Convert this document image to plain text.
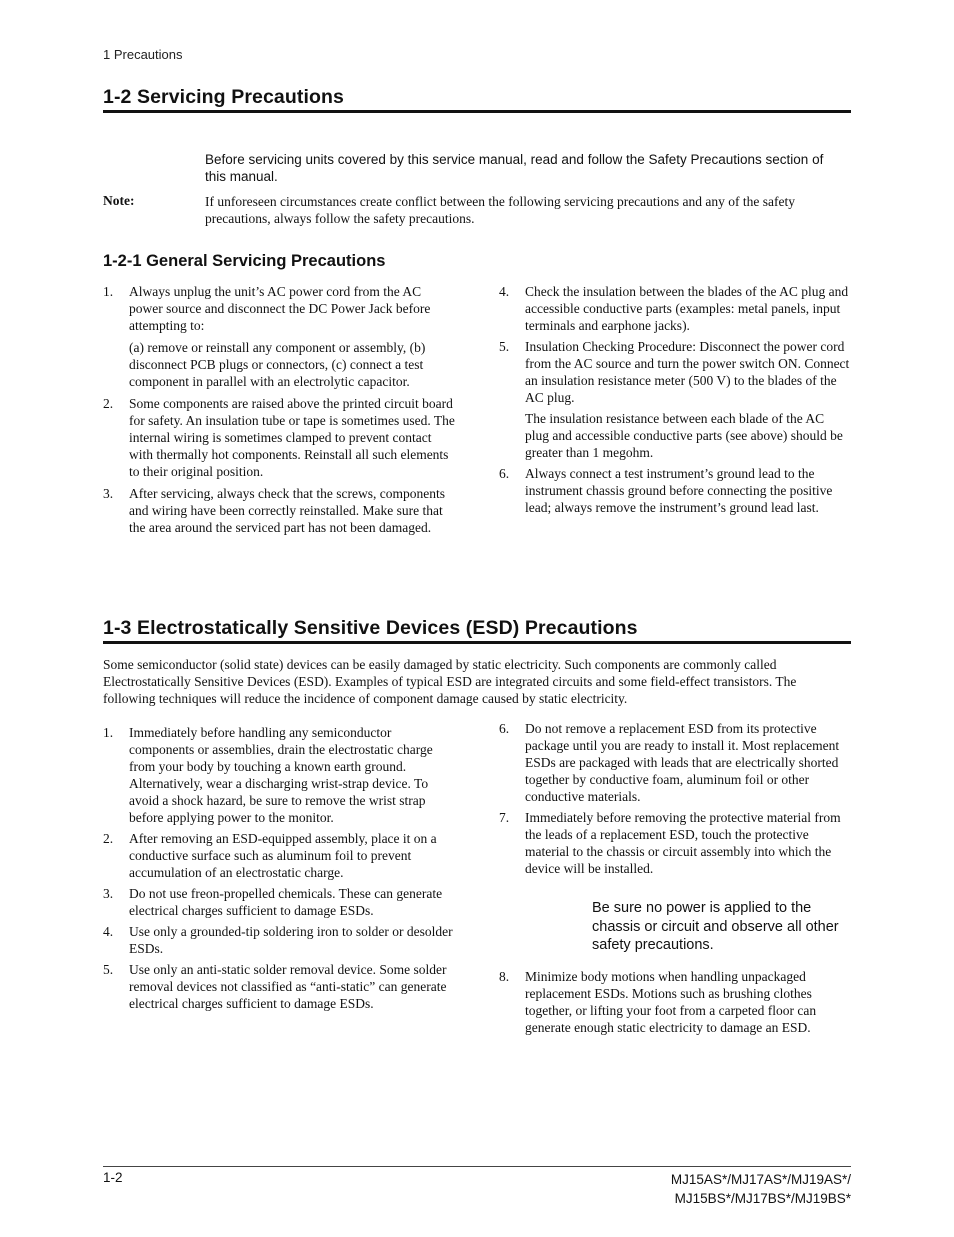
1 Precautions
1-2 Servicing Precautions
Before servicing units covered by this service manual, read and follow the Safety Precautions section of this manual.
Note:	If unforeseen circumstances create conflict between the following servicing precautions and any of the safety precautions, always follow the safety precautions.
1-2-1 General Servicing Precautions
1. Always unplug the unit’s AC power cord from the AC power source and disconnect the DC Power Jack before attempting to:

(a) remove or reinstall any component or assembly, (b) disconnect PCB plugs or connectors, (c) connect a test component in parallel with an electrolytic capacitor.

2. Some components are raised above the printed circuit board for safety. An insulation tube or tape is sometimes used. The internal wiring is sometimes clamped to prevent contact with thermally hot components. Reinstall all such elements to their original position.

3. After servicing, always check that the screws, components and wiring have been correctly reinstalled. Make sure that the area around the serviced part has not been damaged.

4. Check the insulation between the blades of the AC plug and accessible conductive parts (examples: metal panels, input terminals and earphone jacks).

5. Insulation Checking Procedure: Disconnect the power cord from the AC source and turn the power switch ON. Connect an insulation resistance meter (500 V) to the blades of the AC plug.

The insulation resistance between each blade of the AC plug and accessible conductive parts (see above) should be greater than 1 megohm.

6. Always connect a test instrument’s ground lead to the instrument chassis ground before connecting the positive lead; always remove the instrument’s ground lead last.

1-3 Electrostatically Sensitive Devices (ESD) Precautions
Some semiconductor (solid state) devices can be easily damaged by static electricity. Such components are commonly called Electrostatically Sensitive Devices (ESD). Examples of typical ESD are integrated circuits and some field-effect transistors. The following techniques will reduce the incidence of component damage caused by static electricity.
1. Immediately before handling any semiconductor components or assemblies, drain the electrostatic charge from your body by touching a known earth ground. Alternatively, wear a discharging wrist-strap device. To avoid a shock hazard, be sure to remove the wrist strap before applying power to the monitor.

2. After removing an ESD-equipped assembly, place it on a conductive surface such as aluminum foil to prevent accumulation of an electrostatic charge.

3. Do not use freon-propelled chemicals. These can generate electrical charges sufficient to damage ESDs.

4. Use only a grounded-tip soldering iron to solder or desolder ESDs.

5. Use only an anti-static solder removal device. Some solder removal devices not classified as “anti-static” can generate electrical charges sufficient to damage ESDs.

6. Do not remove a replacement ESD from its protective package until you are ready to install it. Most replacement ESDs are packaged with leads that are electrically shorted together by conductive foam, aluminum foil or other conductive materials.

7. Immediately before removing the protective material from the leads of a replacement ESD, touch the protective material to the chassis or circuit assembly into which the device will be installed.

Be sure no power is applied to the chassis or circuit and observe all other safety precautions.
8. Minimize body motions when handling unpackaged replacement ESDs. Motions such as brushing clothes together, or lifting your foot from a carpeted floor can generate enough static electricity to damage an ESD.

1-2	MJ15AS*/MJ17AS*/MJ19AS*/
MJ15BS*/MJ17BS*/MJ19BS*
